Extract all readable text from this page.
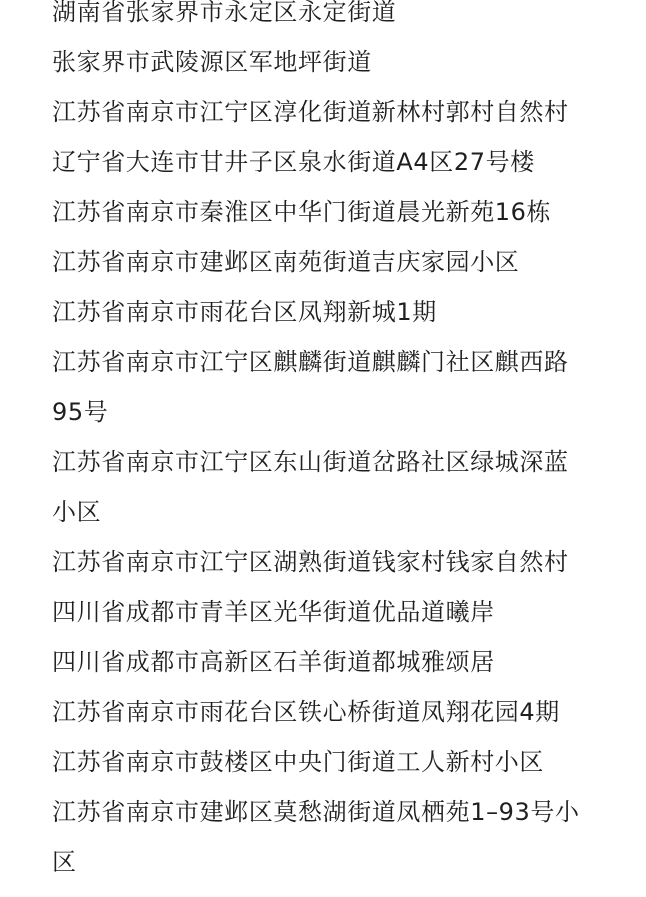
湖南省张家界市永定区永定街道
张家界市武陵源区军地坪街道
江苏省南京市江宁区淳化街道新林村郭村自然村
辽宁省大连市甘井子区泉水街道A4区27号楼
江苏省南京市秦淮区中华门街道晨光新苑16栋
江苏省南京市建邺区南苑街道吉庆家园小区
江苏省南京市雨花台区凤翔新城1期
江苏省南京市江宁区麒麟街道麒麟门社区麒西路
95号
江苏省南京市江宁区东山街道岔路社区绿城深蓝
小区
江苏省南京市江宁区湖熟街道钱家村钱家自然村
四川省成都市青羊区光华街道优品道曦岸
四川省成都市高新区石羊街道都城雅颂居
江苏省南京市雨花台区铁心桥街道凤翔花园4期
江苏省南京市鼓楼区中央门街道工人新村小区
江苏省南京市建邺区莫愁湖街道凤栖苑1–93号小
区
